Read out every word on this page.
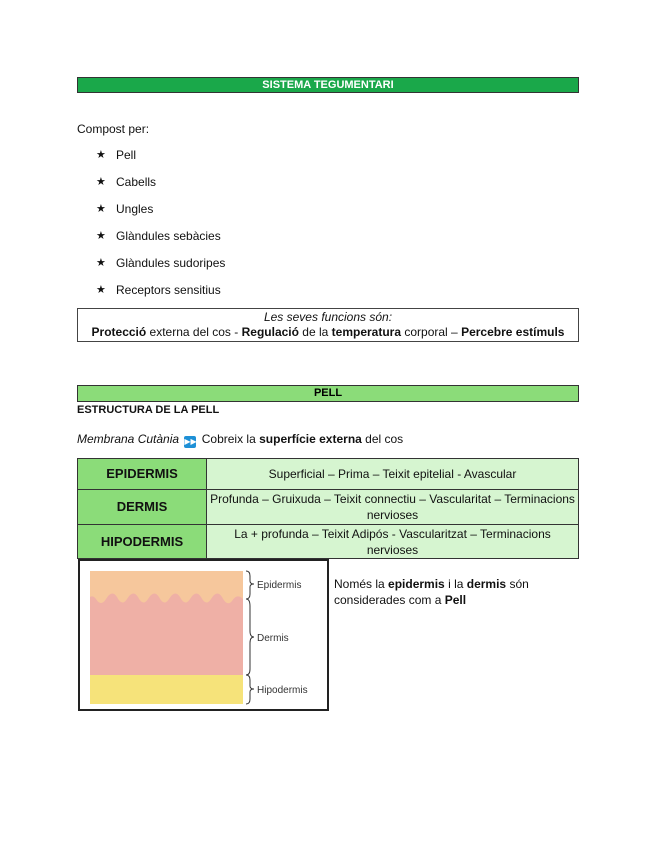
SISTEMA TEGUMENTARI
Compost per:
★ Pell
★ Cabells
★ Ungles
★ Glàndules sebàcies
★ Glàndules sudoripes
★ Receptors sensitius
Les seves funcions són:
Protecció externa del cos - Regulació de la temperatura corporal – Percebre estímuls
PELL
ESTRUCTURA DE LA PELL
Membrana Cutània ▶▶ Cobreix la superfície externa del cos
EPIDERMIS	Superficial – Prima – Teixit epitelial - Avascular
DERMIS	Profunda – Gruixuda – Teixit connectiu – Vascularitat – Terminacions nervioses
HIPODERMIS	La + profunda – Teixit Adipós - Vascularitzat – Terminacions nervioses
Epidermis
Dermis
Hipodermis
Només la epidermis i la dermis són considerades com a Pell
